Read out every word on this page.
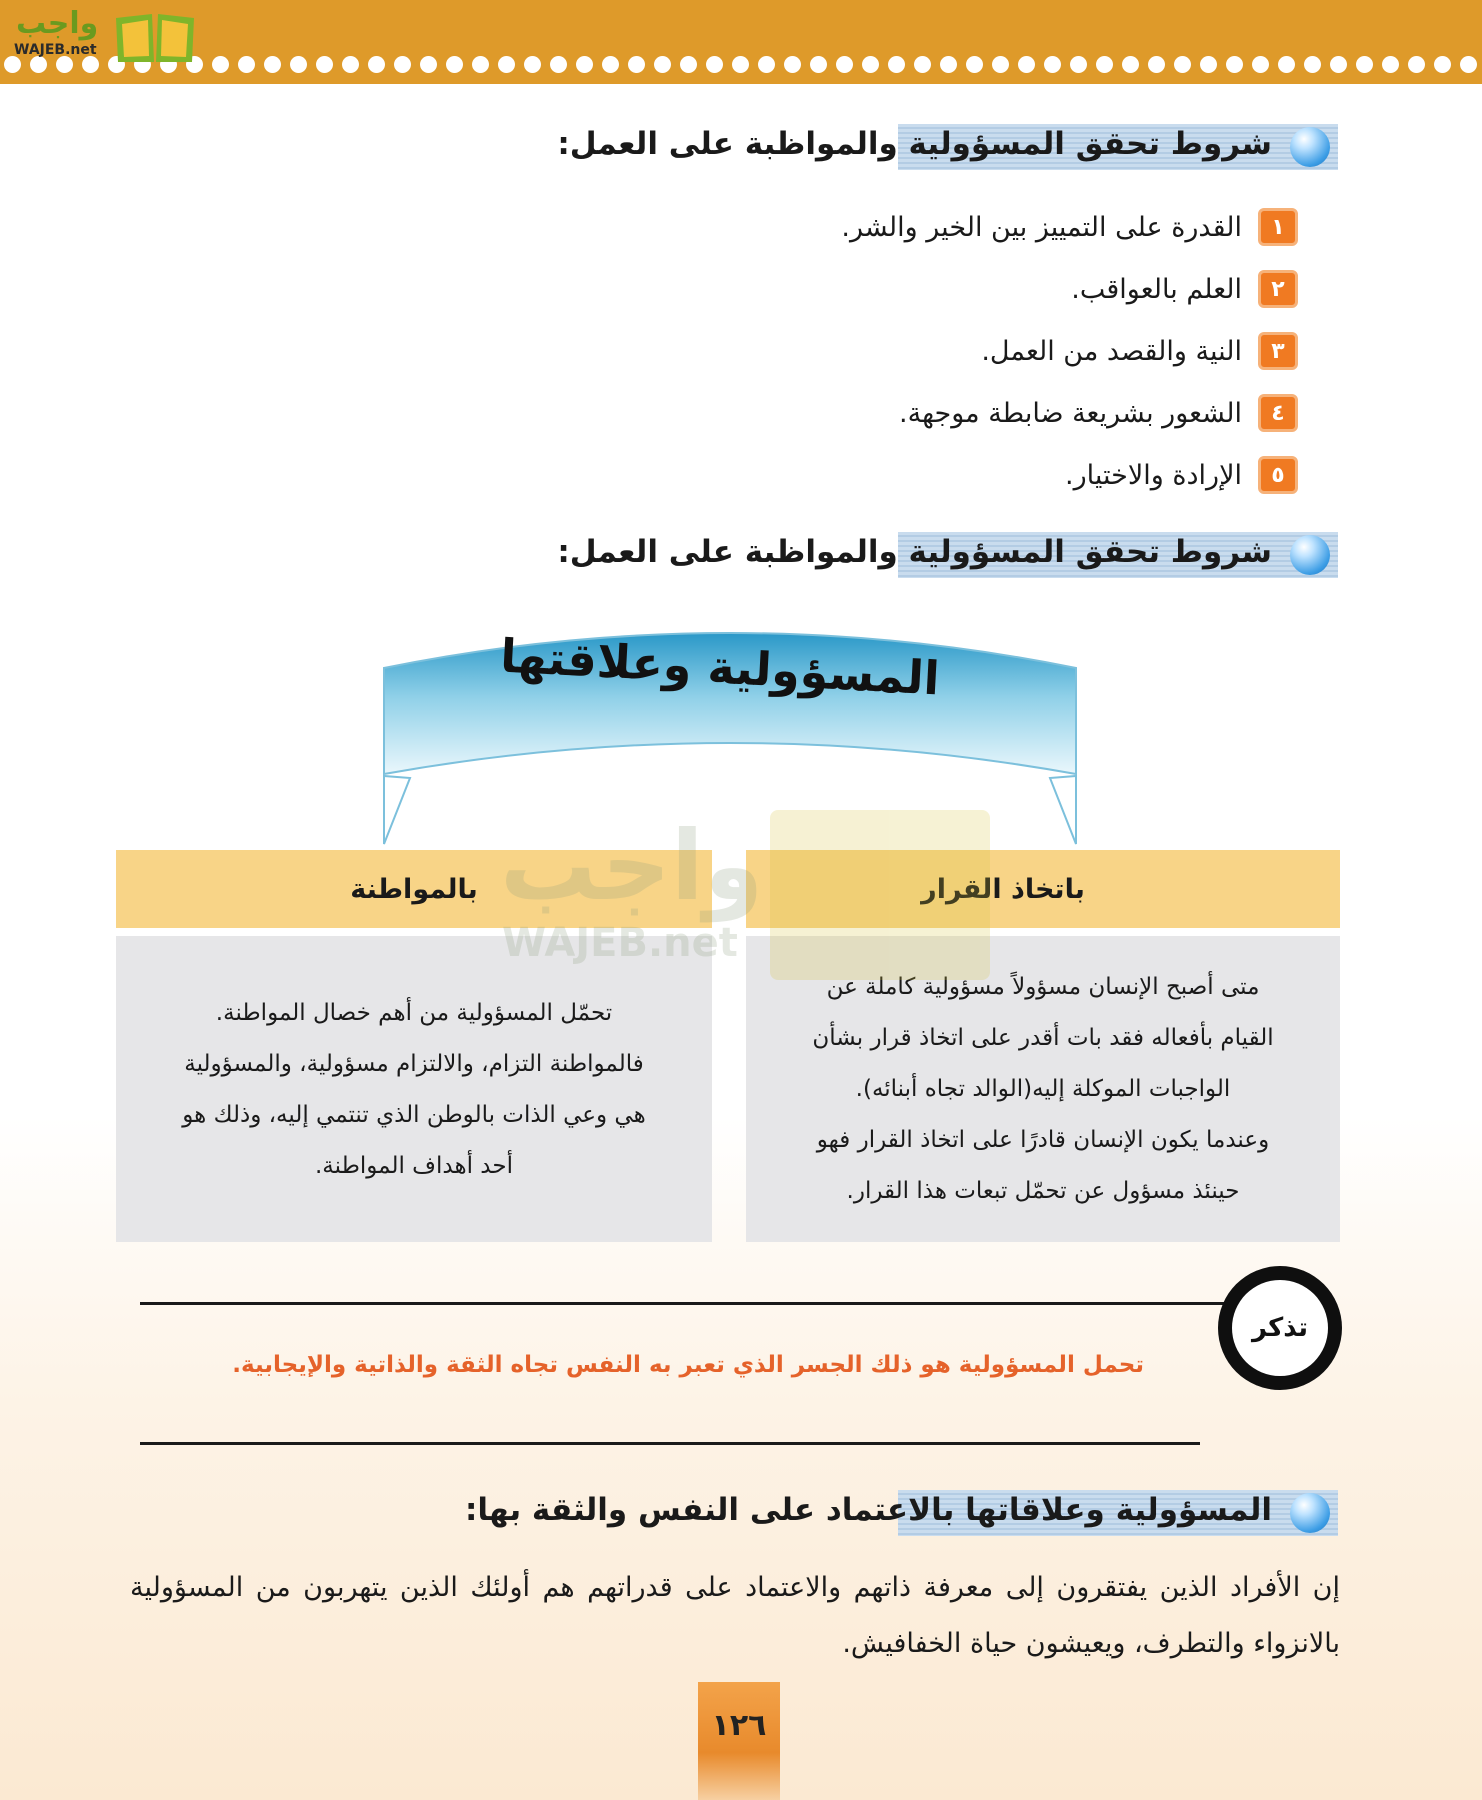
واجب
WAJEB.net
شروط تحقق المسؤولية والمواظبة على العمل:
١
القدرة على التمييز بين الخير والشر.
٢
العلم بالعواقب.
٣
النية والقصد من العمل.
٤
الشعور بشريعة ضابطة موجهة.
٥
الإرادة والاختيار.
شروط تحقق المسؤولية والمواظبة على العمل:
المسؤولية وعلاقتها
باتخاذ القرار
بالمواطنة
متى أصبح الإنسان مسؤولاً مسؤولية كاملة عن
القيام بأفعاله فقد بات أقدر على اتخاذ قرار بشأن
الواجبات الموكلة إليه(الوالد تجاه أبنائه).
وعندما يكون الإنسان قادرًا على اتخاذ القرار فهو
حينئذ مسؤول عن تحمّل تبعات هذا القرار.
تحمّل المسؤولية من أهم خصال المواطنة.
فالمواطنة التزام، والالتزام مسؤولية، والمسؤولية
هي وعي الذات بالوطن الذي تنتمي إليه، وذلك هو
أحد أهداف المواطنة.
واجب
WAJEB.net
تذكر
تحمل المسؤولية هو ذلك الجسر الذي تعبر به النفس تجاه الثقة والذاتية والإيجابية.
المسؤولية وعلاقاتها بالاعتماد على النفس والثقة بها:
إن الأفراد الذين يفتقرون إلى معرفة ذاتهم والاعتماد على قدراتهم هم أولئك الذين يتهربون من المسؤولية بالانزواء والتطرف، ويعيشون حياة الخفافيش.
١٢٦
